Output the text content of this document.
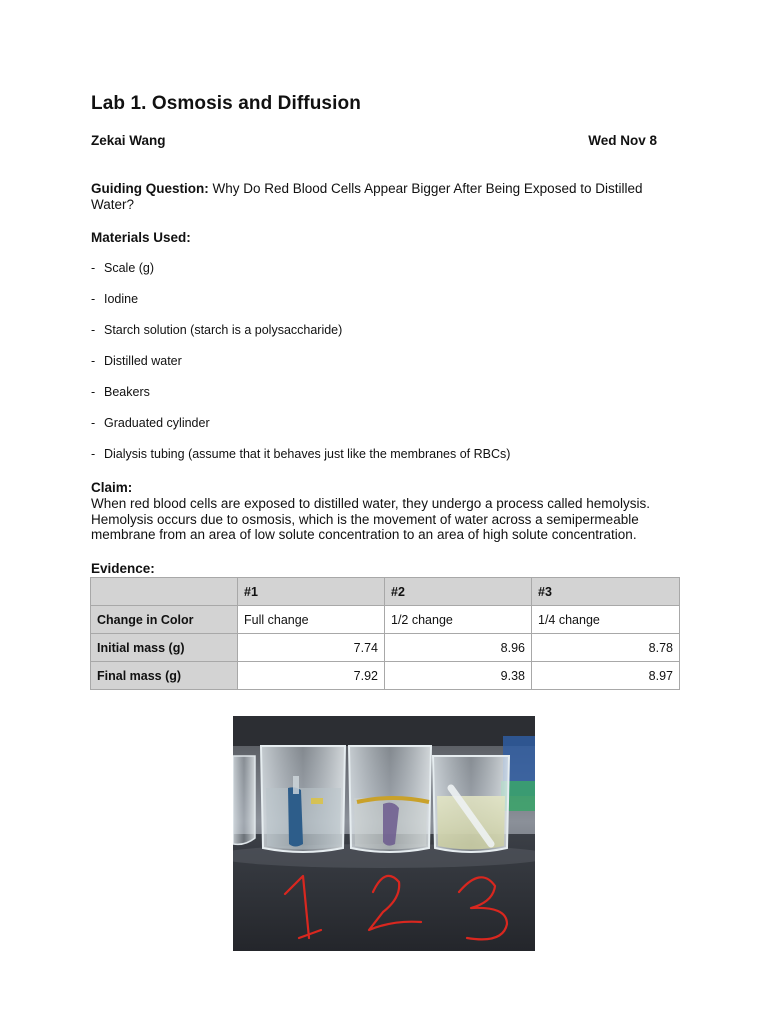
Lab 1. Osmosis and Diffusion
Zekai Wang	Wed Nov 8
Guiding Question: Why Do Red Blood Cells Appear Bigger After Being Exposed to Distilled Water?
Materials Used:
- Scale (g)
- Iodine
- Starch solution (starch is a polysaccharide)
- Distilled water
- Beakers
- Graduated cylinder
- Dialysis tubing (assume that it behaves just like the membranes of RBCs)
Claim:
When red blood cells are exposed to distilled water, they undergo a process called hemolysis. Hemolysis occurs due to osmosis, which is the movement of water across a semipermeable membrane from an area of low solute concentration to an area of high solute concentration.
Evidence:
	#1	#2	#3
Change in Color	Full change	1/2 change	1/4 change
Initial mass (g)	7.74	8.96	8.78
Final mass (g)	7.92	9.38	8.97
